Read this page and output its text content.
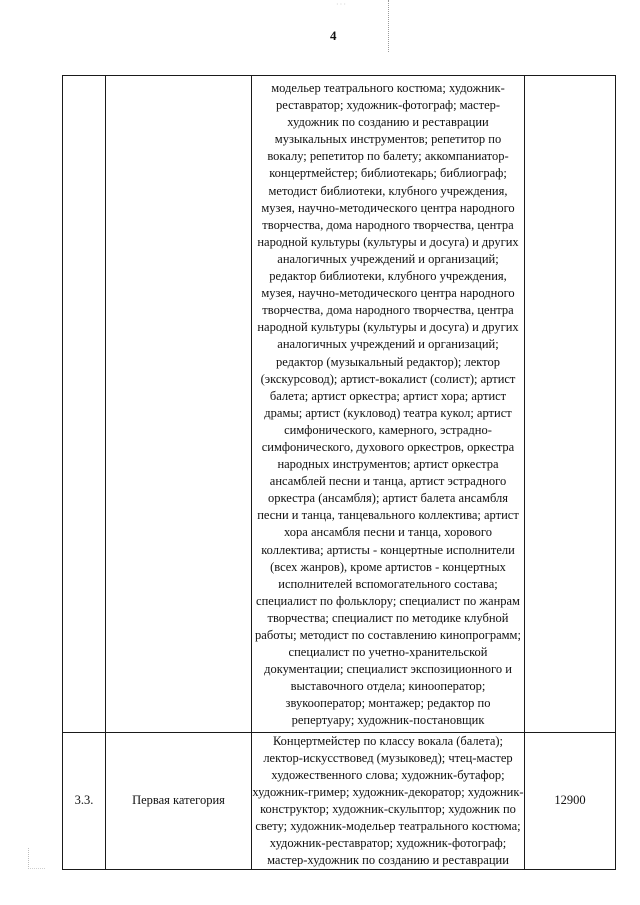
···
4
		модельер театрального костюма; художник-реставратор; художник-фотограф; мастер-художник по созданию и реставрации музыкальных инструментов; репетитор по вокалу; репетитор по балету; аккомпаниатор-концертмейстер; библиотекарь; библиограф; методист библиотеки, клубного учреждения, музея, научно-методического центра народного творчества, дома народного творчества, центра народной культуры (культуры и досуга) и других аналогичных учреждений и организаций; редактор библиотеки, клубного учреждения, музея, научно-методического центра народного творчества, дома народного творчества, центра народной культуры (культуры и досуга) и других аналогичных учреждений и организаций; редактор (музыкальный редактор); лектор (экскурсовод); артист-вокалист (солист); артист балета; артист оркестра; артист хора; артист драмы; артист (кукловод) театра кукол; артист симфонического, камерного, эстрадно-симфонического, духового оркестров, оркестра народных инструментов; артист оркестра ансамблей песни и танца, артист эстрадного оркестра (ансамбля); артист балета ансамбля песни и танца, танцевального коллектива; артист хора ансамбля песни и танца, хорового коллектива; артисты - концертные исполнители (всех жанров), кроме артистов - концертных исполнителей вспомогательного состава; специалист по фольклору; специалист по жанрам творчества; специалист по методике клубной работы; методист по составлению кинопрограмм; специалист по учетно-хранительской документации; специалист экспозиционного и выставочного отдела; кинооператор; звукооператор; монтажер; редактор по репертуару; художник-постановщик	
3.3.	Первая категория	Концертмейстер по классу вокала (балета); лектор-искусствовед (музыковед); чтец-мастер художественного слова; художник-бутафор; художник-гример; художник-декоратор; художник-конструктор; художник-скульптор; художник по свету; художник-модельер театрального костюма; художник-реставратор; художник-фотограф; мастер-художник по созданию и реставрации	12900
